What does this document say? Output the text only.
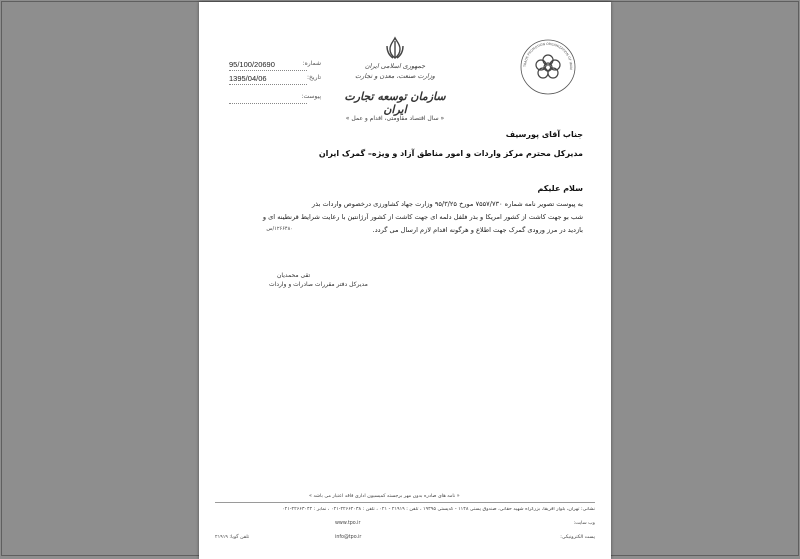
95/100/20690	شماره:
1395/04/06	تاریخ:
پیوست:
جمهوری اسلامی ایران
وزارت صنعت، معدن و تجارت
سازمان توسعه تجارت ایران
« سال اقتصاد مقاومتی، اقدام و عمل »
TRADE PROMOTION ORGANIZATION OF IRAN
جناب آقای پورسیف
مدیرکل محترم مرکز واردات و امور مناطق آزاد و ویژه– گمرک ایران
سلام علیکم
به پیوست تصویر نامه شماره ۷۵۵۷/۷۳۰ مورخ ۹۵/۳/۲۵ وزارت جهاد کشاورزی درخصوص واردات بذر
شب بو جهت کاشت از کشور امریکا و بذر فلفل دلمه ای جهت کاشت از کشور آرژانتین با رعایت شرایط قرنطینه ای و
بازدید در مرز ورودی گمرک جهت اطلاع و هرگونه اقدام لازم ارسال می گردد.
۱۲۶۶۴۸۰/س
تقی محمدیان
مدیرکل دفتر مقررات صادرات و واردات
« نامه های صادره بدون مهر برجسته کمیسیون اداری فاقد اعتبار می باشد »
نشانی: تهران، بلوار آفریقا، بزرگراه شهید حقانی، صندوق پستی ۱۱۴۸ - کدپستی ۱۹۳۹۵ ، تلفن : ۲۱۹۱۹ - ۰۲۱ ، تلفن : ۲۲۶۶۲۰۳۸-۰۲۱ ، نمابر : ۲۲۶۶۳۰۴۲-۰۲۱
www.tpo.ir	وب سایت:
تلفن گویا: ۲۱۹۱۹	info@tpo.ir	پست الکترونیکی:
